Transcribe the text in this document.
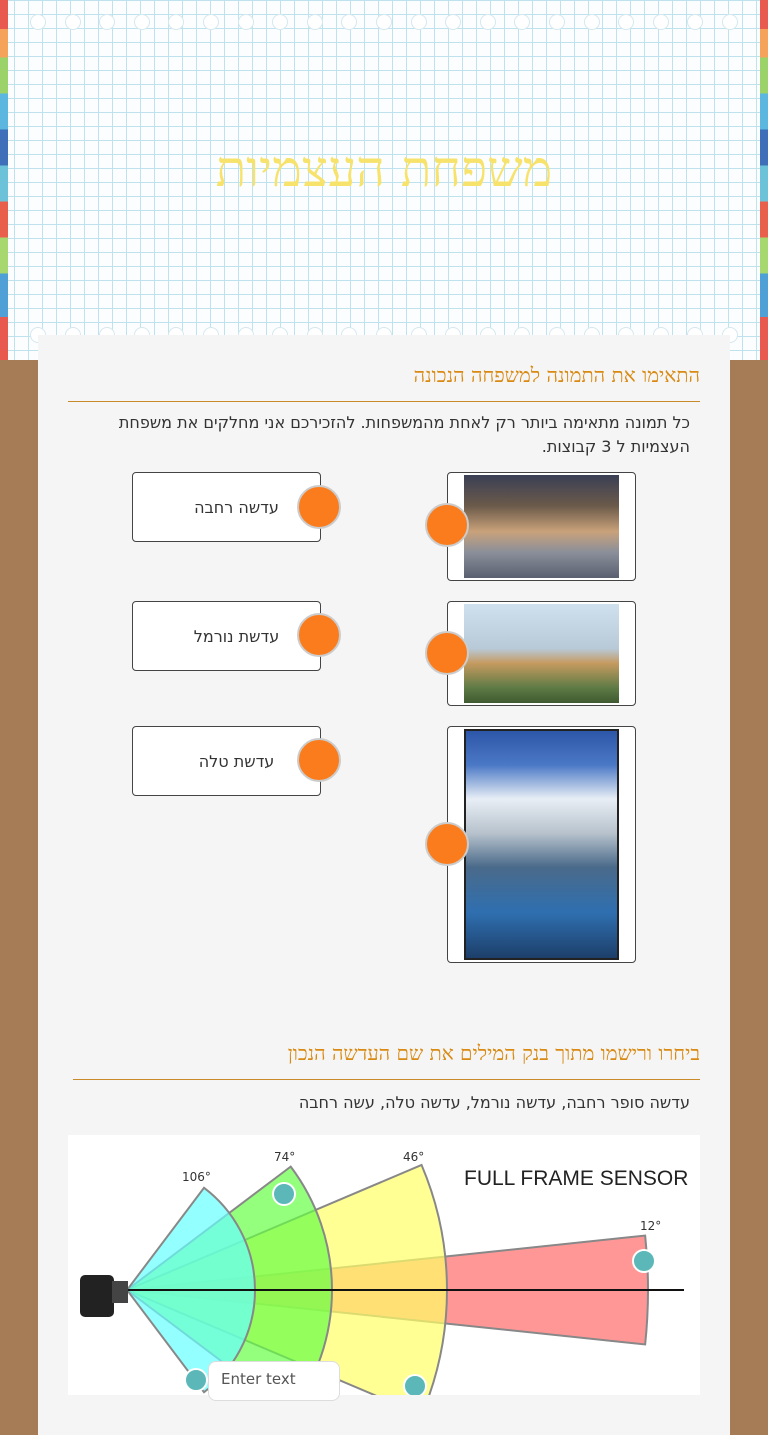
משפחת העצמיות
התאימו את התמונה למשפחה הנכונה
כל תמונה מתאימה ביותר רק לאחת מהמשפחות. להזכירכם אני מחלקים את משפחת העצמיות ל 3 קבוצות.
עדשה רחבה
עדשת נורמל
עדשת טלה
ביחרו ורישמו מתוך בנק המילים את שם העדשה הנכון
עדשה סופר רחבה, עדשה נורמל, עדשה טלה, עשה רחבה
FULL FRAME SENSOR
106°
74°	46°
12°
Enter text
